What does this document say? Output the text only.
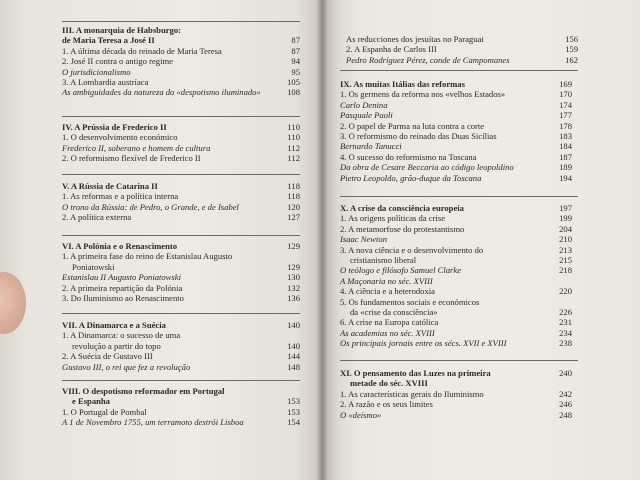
III. A monarquia de Habsburgo:
de Maria Teresa a José II	87
1. A última década do reinado de Maria Teresa	87
2. José II contra o antigo regime	94
O jurisdicionalismo	95
3. A Lombardia austríaca	105
As ambiguidades da natureza do «despotismo iluminado»	108
IV. A Prússia de Frederico II	110
1. O desenvolvimento económico	110
Frederico II, soberano e homem de cultura	112
2. O reformismo flexível de Frederico II	112
V. A Rússia de Catarina II	118
1. As reformas e a política interna	118
O trono da Rússia: de Pedro, o Grande, e de Isabel	120
2. A política externa	127
VI. A Polónia e o Renascimento	129
1. A primeira fase do reino de Estanislau Augusto
Poniatowski	129
Estanislau II Augusto Poniatowski	130
2. A primeira repartição da Polónia	132
3. Do Iluminismo ao Renascimento	136
VII. A Dinamarca e a Suécia	140
1. A Dinamarca: o sucesso de uma
revolução a partir do topo	140
2. A Suécia de Gustavo III	144
Gustavo III, o rei que fez a revolução	148
VIII. O despotismo reformador em Portugal
e Espanha	153
1. O Portugal de Pombal	153
A 1 de Novembro 1755, um terramoto destrói Lisboa	154
As reducciones dos jesuítas no Paraguai	156
2. A Espanha de Carlos III	159
Pedro Rodríguez Pérez, conde de Campomanes	162
IX. As muitas Itálias das reformas	169
1. Os germens da reforma nos «velhos Estados»	170
Carlo Denina	174
Pasquale Paoli	177
2. O papel de Parma na luta contra a corte	178
3. O reformismo do reinado das Duas Sicílias	183
Bernardo Tanucci	184
4. O sucesso do reformismo na Toscana	187
Da obra de Cesare Beccaria ao código leopoldino	189
Pietro Leopoldo, grão-duque da Toscana	194
X. A crise da consciência europeia	197
1. As origens políticas da crise	199
2. A metamorfose do protestantismo	204
Isaac Newton	210
3. A nova ciência e o desenvolvimento do	213
cristianismo liberal	215
O teólogo e filósofo Samuel Clarke	218
A Maçonaria no séc. XVIII
4. A ciência e a heterodoxia	220
5. Os fundamentos sociais e económicos
da «crise da consciência»	226
6. A crise na Europa católica	231
As academias no séc. XVIII	234
Os principais jornais entre os sécs. XVII e XVIII	238
XI. O pensamento das Luzes na primeira	240
metade do séc. XVIII
1. As características gerais do Iluminismo	242
2. A razão e os seus limites	246
O «deísmo»	248
